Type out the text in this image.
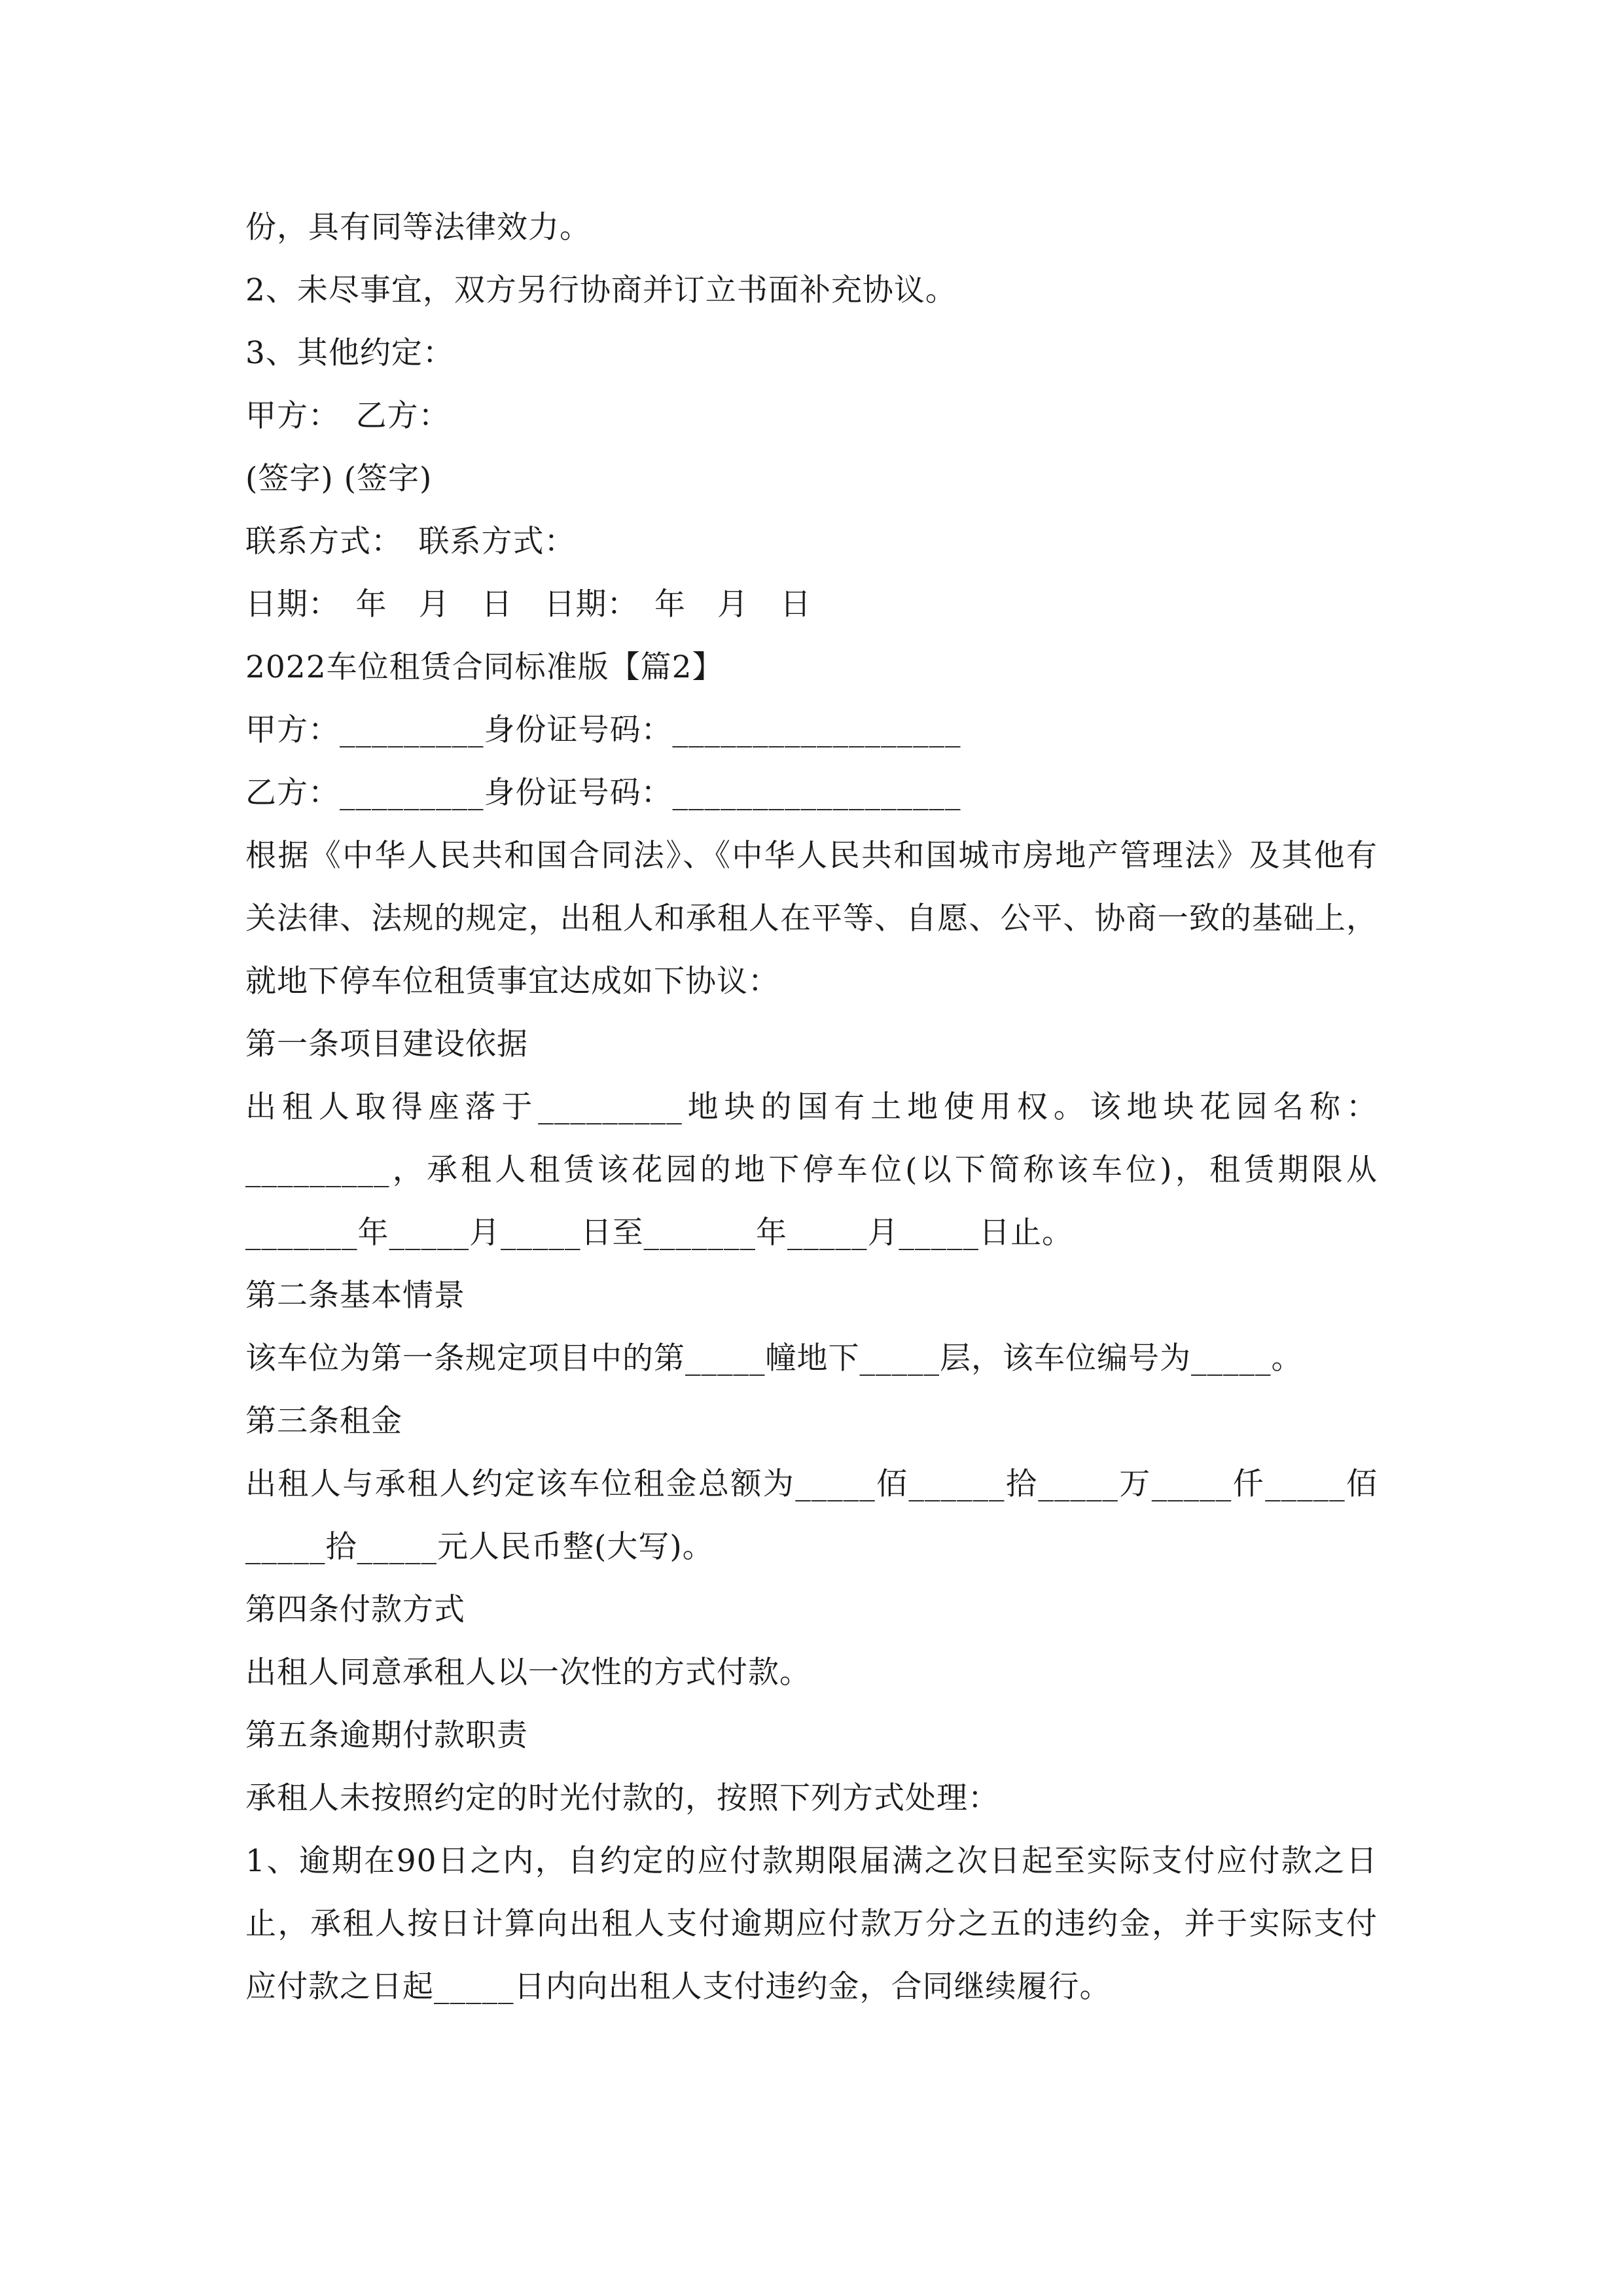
份，具有同等法律效力。
2、未尽事宜，双方另行协商并订立书面补充协议。
3、其他约定：
甲方：　乙方：
(签字) (签字)
联系方式：　联系方式：
日期：　年　月　日　日期：　年　月　日
2022车位租赁合同标准版【篇2】
甲方：_________身份证号码：__________________
乙方：_________身份证号码：__________________
根据《中华人民共和国合同法》、《中华人民共和国城市房地产管理法》及其他有
关法律、法规的规定，出租人和承租人在平等、自愿、公平、协商一致的基础上，
就地下停车位租赁事宜达成如下协议：
第一条项目建设依据
出租人取得座落于_________地块的国有土地使用权。该地块花园名称：
_________，承租人租赁该花园的地下停车位(以下简称该车位)，租赁期限从
_______年_____月_____日至_______年_____月_____日止。
第二条基本情景
该车位为第一条规定项目中的第_____幢地下_____层，该车位编号为_____。
第三条租金
出租人与承租人约定该车位租金总额为_____佰______拾_____万_____仟_____佰
_____拾_____元人民币整(大写)。
第四条付款方式
出租人同意承租人以一次性的方式付款。
第五条逾期付款职责
承租人未按照约定的时光付款的，按照下列方式处理：
1、逾期在90日之内，自约定的应付款期限届满之次日起至实际支付应付款之日
止，承租人按日计算向出租人支付逾期应付款万分之五的违约金，并于实际支付
应付款之日起_____日内向出租人支付违约金，合同继续履行。
